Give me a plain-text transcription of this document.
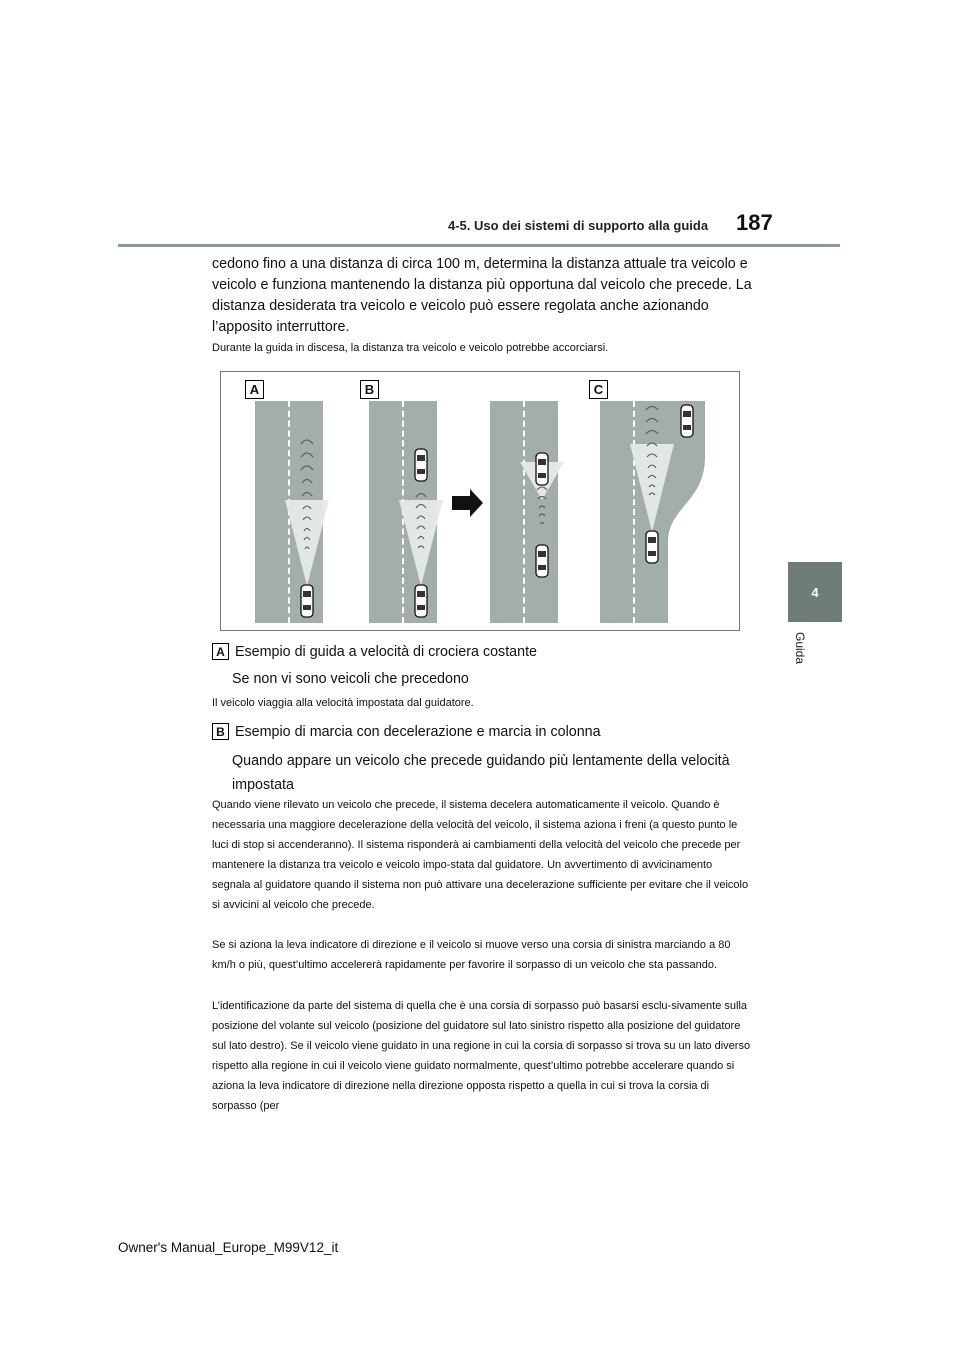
4-5. Uso dei sistemi di supporto alla guida 187
4
Guida

cedono fino a una distanza di circa 100 m, determina la distanza attuale tra veicolo e veicolo e funziona mantenendo la distanza più opportuna dal veicolo che precede. La distanza desiderata tra veicolo e veicolo può essere regolata anche azionando l’apposito interruttore.

Durante la guida in discesa, la distanza tra veicolo e veicolo potrebbe accorciarsi.

A	B	C
A Esempio di guida a velocità di crociera costante

Se non vi sono veicoli che precedono

Il veicolo viaggia alla velocità impostata dal guidatore.

B Esempio di marcia con decelerazione e marcia in colonna

Quando appare un veicolo che precede guidando più lentamente della velocità impostata

Quando viene rilevato un veicolo che precede, il sistema decelera automaticamente il veicolo. Quando è necessaria una maggiore decelerazione della velocità del veicolo, il sistema aziona i freni (a questo punto le luci di stop si accenderanno). Il sistema risponderà ai cambiamenti della velocità del veicolo che precede per mantenere la distanza tra veicolo e veicolo impo-stata dal guidatore. Un avvertimento di avvicinamento segnala al guidatore quando il sistema non può attivare una decelerazione sufficiente per evitare che il veicolo si avvicini al veicolo che precede.

Se si aziona la leva indicatore di direzione e il veicolo si muove verso una corsia di sinistra marciando a 80 km/h o più, quest’ultimo accelererà rapidamente per favorire il sorpasso di un veicolo che sta passando.

L’identificazione da parte del sistema di quella che è una corsia di sorpasso può basarsi esclu-sivamente sulla posizione del volante sul veicolo (posizione del guidatore sul lato sinistro rispetto alla posizione del guidatore sul lato destro). Se il veicolo viene guidato in una regione in cui la corsia di sorpasso si trova su un lato diverso rispetto alla regione in cui il veicolo viene guidato normalmente, quest’ultimo potrebbe accelerare quando si aziona la leva indicatore di direzione nella direzione opposta rispetto a quella in cui si trova la corsia di sorpasso (per

Owner's Manual_Europe_M99V12_it
